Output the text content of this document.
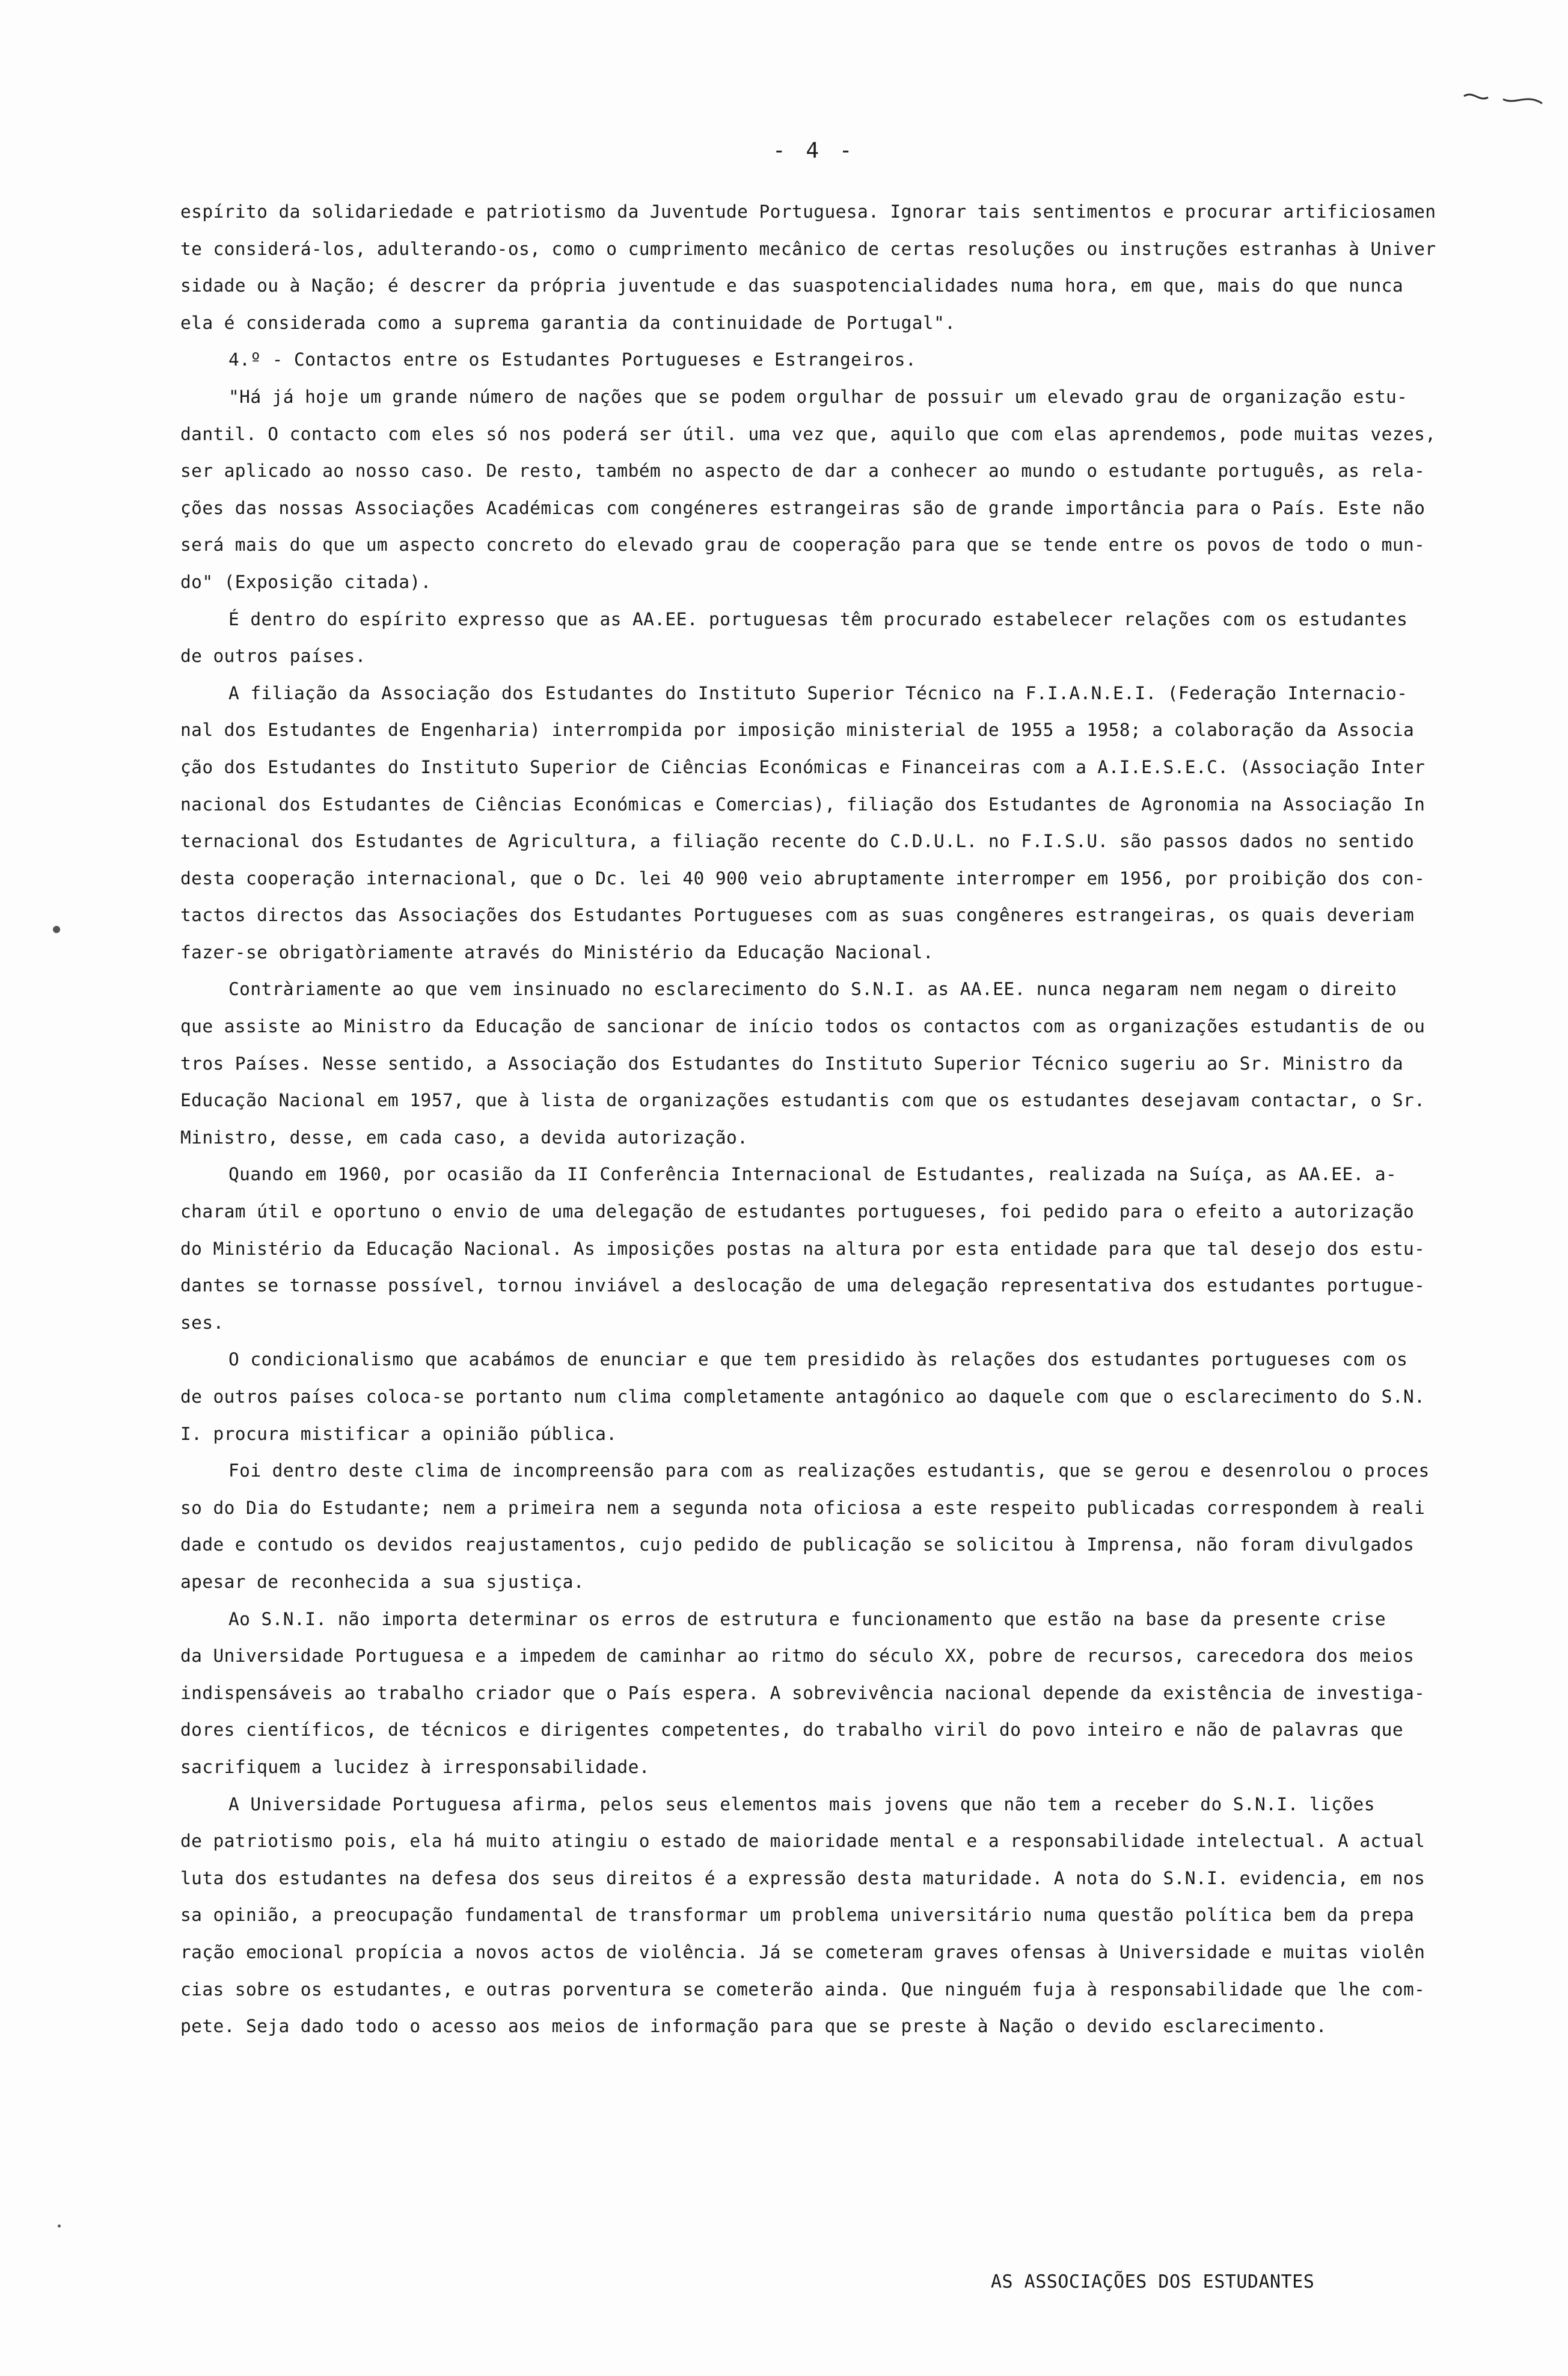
- 4 -
espírito da solidariedade e patriotismo da Juventude Portuguesa. Ignorar tais sentimentos e procurar artificiosamen
te considerá-los, adulterando-os, como o cumprimento mecânico de certas resoluções ou instruções estranhas à Univer
sidade ou à Nação; é descrer da própria juventude e das suaspotencialidades numa hora, em que, mais do que nunca
ela é considerada como a suprema garantia da continuidade de Portugal".
4.º - Contactos entre os Estudantes Portugueses e Estrangeiros.
"Há já hoje um grande número de nações que se podem orgulhar de possuir um elevado grau de organização estu-
dantil. O contacto com eles só nos poderá ser útil. uma vez que, aquilo que com elas aprendemos, pode muitas vezes,
ser aplicado ao nosso caso. De resto, também no aspecto de dar a conhecer ao mundo o estudante português, as rela-
ções das nossas Associações Académicas com congéneres estrangeiras são de grande importância para o País. Este não
será mais do que um aspecto concreto do elevado grau de cooperação para que se tende entre os povos de todo o mun-
do" (Exposição citada).
É dentro do espírito expresso que as AA.EE. portuguesas têm procurado estabelecer relações com os estudantes
de outros países.
A filiação da Associação dos Estudantes do Instituto Superior Técnico na F.I.A.N.E.I. (Federação Internacio-
nal dos Estudantes de Engenharia) interrompida por imposição ministerial de 1955 a 1958; a colaboração da Associa
ção dos Estudantes do Instituto Superior de Ciências Económicas e Financeiras com a A.I.E.S.E.C. (Associação Inter
nacional dos Estudantes de Ciências Económicas e Comercias), filiação dos Estudantes de Agronomia na Associação In
ternacional dos Estudantes de Agricultura, a filiação recente do C.D.U.L. no F.I.S.U. são passos dados no sentido
desta cooperação internacional, que o Dc. lei 40 900 veio abruptamente interromper em 1956, por proibição dos con-
tactos directos das Associações dos Estudantes Portugueses com as suas congêneres estrangeiras, os quais deveriam
fazer-se obrigatòriamente através do Ministério da Educação Nacional.
Contràriamente ao que vem insinuado no esclarecimento do S.N.I. as AA.EE. nunca negaram nem negam o direito
que assiste ao Ministro da Educação de sancionar de início todos os contactos com as organizações estudantis de ou
tros Países. Nesse sentido, a Associação dos Estudantes do Instituto Superior Técnico sugeriu ao Sr. Ministro da
Educação Nacional em 1957, que à lista de organizações estudantis com que os estudantes desejavam contactar, o Sr.
Ministro, desse, em cada caso, a devida autorização.
Quando em 1960, por ocasião da II Conferência Internacional de Estudantes, realizada na Suíça, as AA.EE. a-
charam útil e oportuno o envio de uma delegação de estudantes portugueses, foi pedido para o efeito a autorização
do Ministério da Educação Nacional. As imposições postas na altura por esta entidade para que tal desejo dos estu-
dantes se tornasse possível, tornou inviável a deslocação de uma delegação representativa dos estudantes portugue-
ses.
O condicionalismo que acabámos de enunciar e que tem presidido às relações dos estudantes portugueses com os
de outros países coloca-se portanto num clima completamente antagónico ao daquele com que o esclarecimento do S.N.
I. procura mistificar a opinião pública.
Foi dentro deste clima de incompreensão para com as realizações estudantis, que se gerou e desenrolou o proces
so do Dia do Estudante; nem a primeira nem a segunda nota oficiosa a este respeito publicadas correspondem à reali
dade e contudo os devidos reajustamentos, cujo pedido de publicação se solicitou à Imprensa, não foram divulgados
apesar de reconhecida a sua sjustiça.
Ao S.N.I. não importa determinar os erros de estrutura e funcionamento que estão na base da presente crise
da Universidade Portuguesa e a impedem de caminhar ao ritmo do século XX, pobre de recursos, carecedora dos meios
indispensáveis ao trabalho criador que o País espera. A sobrevivência nacional depende da existência de investiga-
dores científicos, de técnicos e dirigentes competentes, do trabalho viril do povo inteiro e não de palavras que
sacrifiquem a lucidez à irresponsabilidade.
A Universidade Portuguesa afirma, pelos seus elementos mais jovens que não tem a receber do S.N.I. lições
de patriotismo pois, ela há muito atingiu o estado de maioridade mental e a responsabilidade intelectual. A actual
luta dos estudantes na defesa dos seus direitos é a expressão desta maturidade. A nota do S.N.I. evidencia, em nos
sa opinião, a preocupação fundamental de transformar um problema universitário numa questão política bem da prepa
ração emocional propícia a novos actos de violência. Já se cometeram graves ofensas à Universidade e muitas violên
cias sobre os estudantes, e outras porventura se cometerão ainda. Que ninguém fuja à responsabilidade que lhe com-
pete. Seja dado todo o acesso aos meios de informação para que se preste à Nação o devido esclarecimento.
AS ASSOCIAÇÕES DOS ESTUDANTES
